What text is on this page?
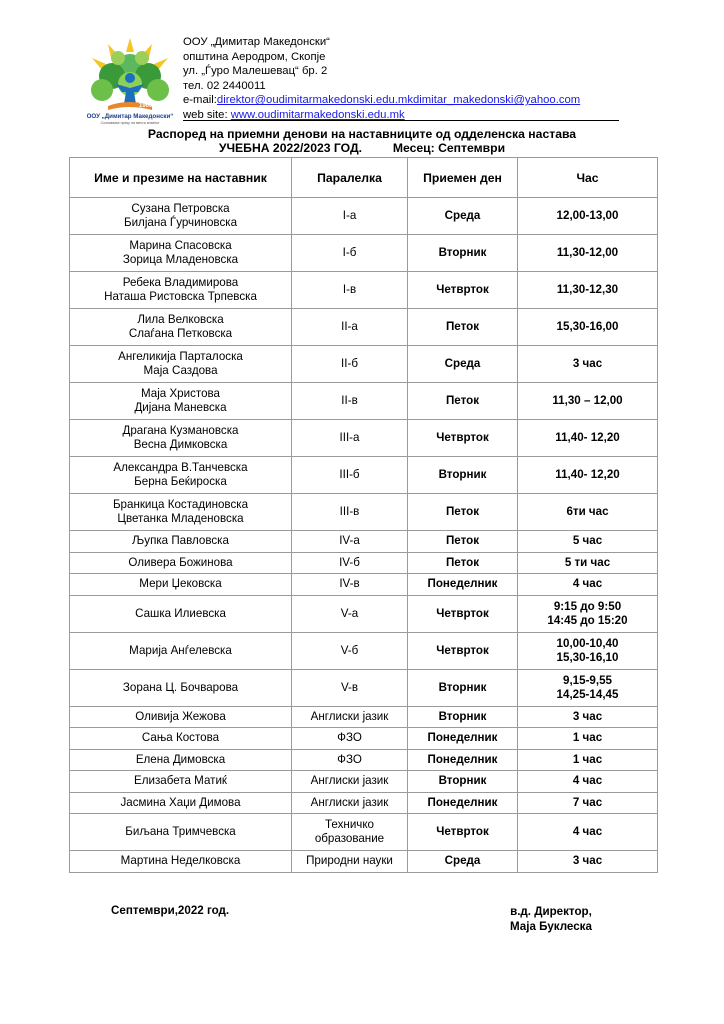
1960
ООУ „Димитар Македонски“
Сознавање преку на мечта знаење
ООУ „Димитар Македонски“
општина Аеродром, Скопје
ул. „Ѓуро Малешевац“ бр. 2
тел. 02 2440011
e-mail:direktor@oudimitarmakedonski.edu.mkdimitar_makedonski@yahoo.com
web site: www.oudimitarmakedonski.edu.mk
Распоред на приемни денови на наставниците од одделенска настава
УЧЕБНА 2022/2023 ГОД.	Месец: Септември
Име и презиме на наставник	Паралелка	Приемен ден	Час

Сузана Петровска
Билјана Ѓурчиновска	I-а	Среда	12,00-13,00

Марина Спасовска
Зорица Младеновска	I-б	Вторник	11,30-12,00

Ребека Владимирова
Наташа Ристовска Трпевска	I-в	Четврток	11,30-12,30

Лила Велковска
Слаѓана Петковска	II-а	Петок	15,30-16,00

Ангеликија Парталоска
Маја Саздова	II-б	Среда	3 час

Маја Христова
Дијана Маневска	II-в	Петок	11,30 – 12,00

Драгана Кузмановска
Весна Димковска	III-а	Четврток	11,40- 12,20

Александра В.Танчевска
Берна Беќироска	III-б	Вторник	11,40- 12,20

Бранкица Костадиновска
Цветанка Младеновска	III-в	Петок	6ти час

Љупка Павловска	IV-а	Петок	5 час

Оливера Божинова	IV-б	Петок	5 ти час

Мери Џековска	IV-в	Понеделник	4 час

Сашка Илиевска	V-а	Четврток	9:15 до 9:50
14:45 до 15:20

Марија Анѓелевска	V-б	Четврток	10,00-10,40
15,30-16,10

Зорана Ц. Бочварова	V-в	Вторник	9,15-9,55
14,25-14,45

Оливија Жежова	Англиски јазик	Вторник	3 час

Сања Костова	ФЗО	Понеделник	1 час

Елена Димовска	ФЗО	Понеделник	1 час

Елизабета Матиќ	Англиски јазик	Вторник	4 час

Јасмина Хаџи Димова	Англиски јазик	Понеделник	7 час

Биљана Тримчевска	Техничко образование	Четврток	4 час

Мартина Неделковска	Природни науки	Среда	3 час
Септември,2022 год.	в.д. Директор,
Маја Буклеска
